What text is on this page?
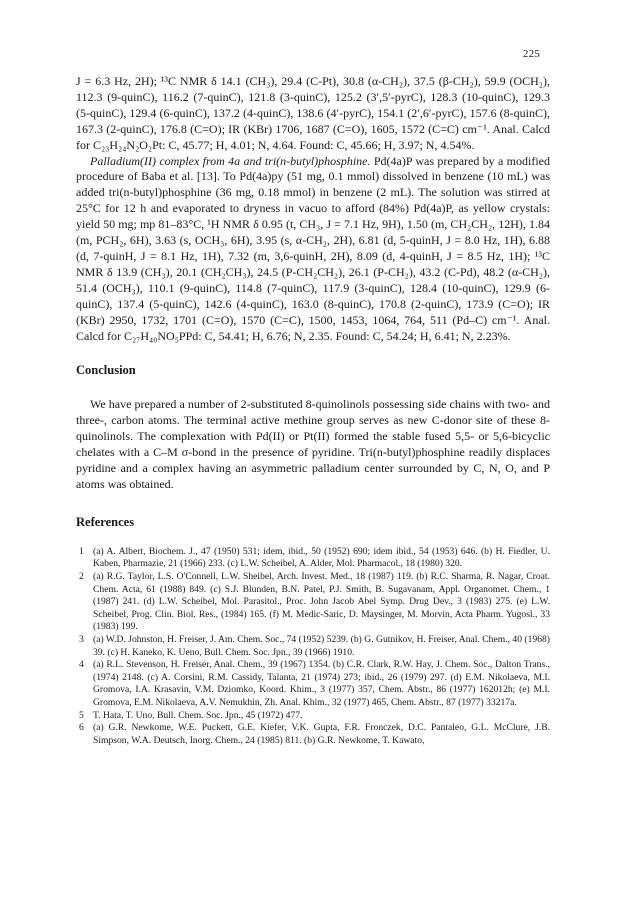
225

J = 6.3 Hz, 2H); ¹³C NMR δ 14.1 (CH₃), 29.4 (C-Pt), 30.8 (α-CH₂), 37.5 (β-CH₂), 59.9 (OCH₂), 112.3 (9-quinC), 116.2 (7-quinC), 121.8 (3-quinC), 125.2 (3′,5′-pyrC), 128.3 (10-quinC), 129.3 (5-quinC), 129.4 (6-quinC), 137.2 (4-quinC), 138.6 (4′-pyrC), 154.1 (2′,6′-pyrC), 157.6 (8-quinC), 167.3 (2-quinC), 176.8 (C=O); IR (KBr) 1706, 1687 (C=O), 1605, 1572 (C=C) cm⁻¹. Anal. Calcd for C₂₃H₂₄N₂O₂Pt: C, 45.77; H, 4.01; N, 4.64. Found: C, 45.66; H, 3.97; N, 4.54%.

Palladium(II) complex from 4a and tri(n-butyl)phosphine. Pd(4a)P was prepared by a modified procedure of Baba et al. [13]. To Pd(4a)py (51 mg, 0.1 mmol) dissolved in benzene (10 mL) was added tri(n-butyl)phosphine (36 mg, 0.18 mmol) in benzene (2 mL). The solution was stirred at 25°C for 12 h and evaporated to dryness in vacuo to afford (84%) Pd(4a)P, as yellow crystals: yield 50 mg; mp 81–83°C, ¹H NMR δ 0.95 (t, CH₃, J = 7.1 Hz, 9H), 1.50 (m, CH₂CH₂, 12H), 1.84 (m, PCH₂, 6H), 3.63 (s, OCH₃, 6H), 3.95 (s, α-CH₂, 2H), 6.81 (d, 5-quinH, J = 8.0 Hz, 1H), 6.88 (d, 7-quinH, J = 8.1 Hz, 1H), 7.32 (m, 3,6-quinH, 2H), 8.09 (d, 4-quinH, J = 8.5 Hz, 1H); ¹³C NMR δ 13.9 (CH₃), 20.1 (CH₂CH₃), 24.5 (P-CH₂CH₂), 26.1 (P-CH₂), 43.2 (C-Pd), 48.2 (α-CH₂), 51.4 (OCH₃), 110.1 (9-quinC), 114.8 (7-quinC), 117.9 (3-quinC), 128.4 (10-quinC), 129.9 (6-quinC), 137.4 (5-quinC), 142.6 (4-quinC), 163.0 (8-quinC), 170.8 (2-quinC), 173.9 (C=O); IR (KBr) 2950, 1732, 1701 (C=O), 1570 (C=C), 1500, 1453, 1064, 764, 511 (Pd–C) cm⁻¹. Anal. Calcd for C₂₇H₄₀NO₅PPd: C, 54.41; H, 6.76; N, 2.35. Found: C, 54.24; H, 6.41; N, 2.23%.

Conclusion

We have prepared a number of 2-substituted 8-quinolinols possessing side chains with two- and three-, carbon atoms. The terminal active methine group serves as new C-donor site of these 8-quinolinols. The complexation with Pd(II) or Pt(II) formed the stable fused 5,5- or 5,6-bicyclic chelates with a C–M σ-bond in the presence of pyridine. Tri(n-butyl)phosphine readily displaces pyridine and a complex having an asymmetric palladium center surrounded by C, N, O, and P atoms was obtained.

References
1 (a) A. Albert, Biochem. J., 47 (1950) 531; idem, ibid., 50 (1952) 690; idem ibid., 54 (1953) 646. (b) H. Fiedler, U. Kaben, Pharmazie, 21 (1966) 233. (c) L.W. Scheibel, A. Alder, Mol. Pharmacol., 18 (1980) 320.
2 (a) R.G. Taylor, L.S. O'Connell, L.W. Sheibel, Arch. Invest. Med., 18 (1987) 119. (b) R.C. Sharma, R. Nagar, Croat. Chem. Acta, 61 (1988) 849. (c) S.J. Blunden, B.N. Patel, P.J. Smith, B. Sugavanam, Appl. Organomet. Chem., 1 (1987) 241. (d) L.W. Scheibel, Mol. Parasitol., Proc. John Jacob Abel Symp. Drug Dev., 3 (1983) 275. (e) L.W. Scheibel, Prog. Clin. Biol. Res., (1984) 165. (f) M. Medic-Saric, D. Maysinger, M. Morvin, Acta Pharm. Yugosl., 33 (1983) 199.
3 (a) W.D. Johnston, H. Freiser, J. Am. Chem. Soc., 74 (1952) 5239. (b) G. Gutnikov, H. Freiser, Anal. Chem., 40 (1968) 39. (c) H. Kaneko, K. Ueno, Bull. Chem. Soc. Jpn., 39 (1966) 1910.
4 (a) R.L. Stevenson, H. Freiser, Anal. Chem., 39 (1967) 1354. (b) C.R. Clark, R.W. Hay, J. Chem. Soc., Dalton Trans., (1974) 2148. (c) A. Corsini, R.M. Cassidy, Talanta, 21 (1974) 273; ibid., 26 (1979) 297. (d) E.M. Nikolaeva, M.I. Gromova, I.A. Krasavin, V.M. Dziomko, Koord. Khim., 3 (1977) 357, Chem. Abstr., 86 (1977) 162012h; (e) M.I. Gromova, E.M. Nikolaeva, A.V. Nemukhin, Zh. Anal. Khim., 32 (1977) 465, Chem. Abstr., 87 (1977) 33217a.
5 T. Hata, T. Uno, Bull. Chem. Soc. Jpn., 45 (1972) 477.
6 (a) G.R. Newkome, W.E. Puckett, G.E. Kiefer, V.K. Gupta, F.R. Fronczek, D.C. Pantaleo, G.L. McClure, J.B. Simpson, W.A. Deutsch, Inorg. Chem., 24 (1985) 811. (b) G.R. Newkome, T. Kawato,
